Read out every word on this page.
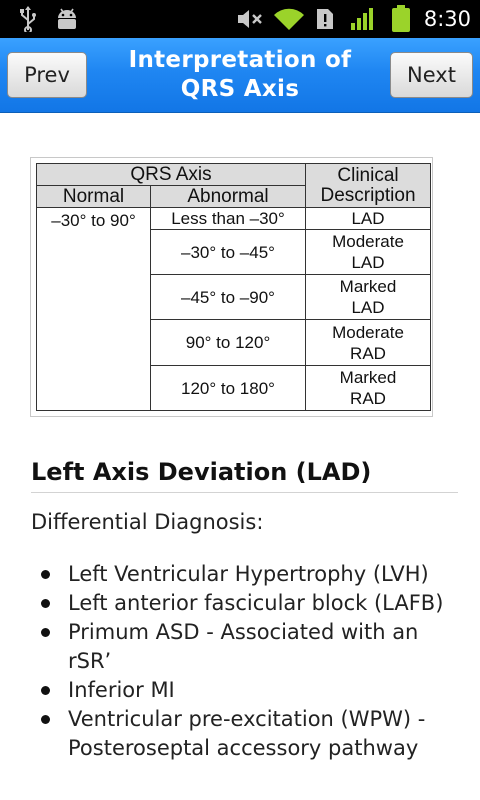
8:30
Prev
Interpretation of
QRS Axis
Next
QRS Axis		Clinical
Description

Normal	Abnormal	
–30° to 90°	Less than –30°	LAD

	–30° to –45°	Moderate
LAD

	–45° to –90°	Marked
LAD

	90° to 120°	Moderate
RAD

	120° to 180°	Marked
RAD
Left Axis Deviation (LAD)
Differential Diagnosis:
Left Ventricular Hypertrophy (LVH)
Left anterior fascicular block (LAFB)
Primum ASD - Associated with an rSR’
Inferior MI
Ventricular pre-excitation (WPW) - Posteroseptal accessory pathway
